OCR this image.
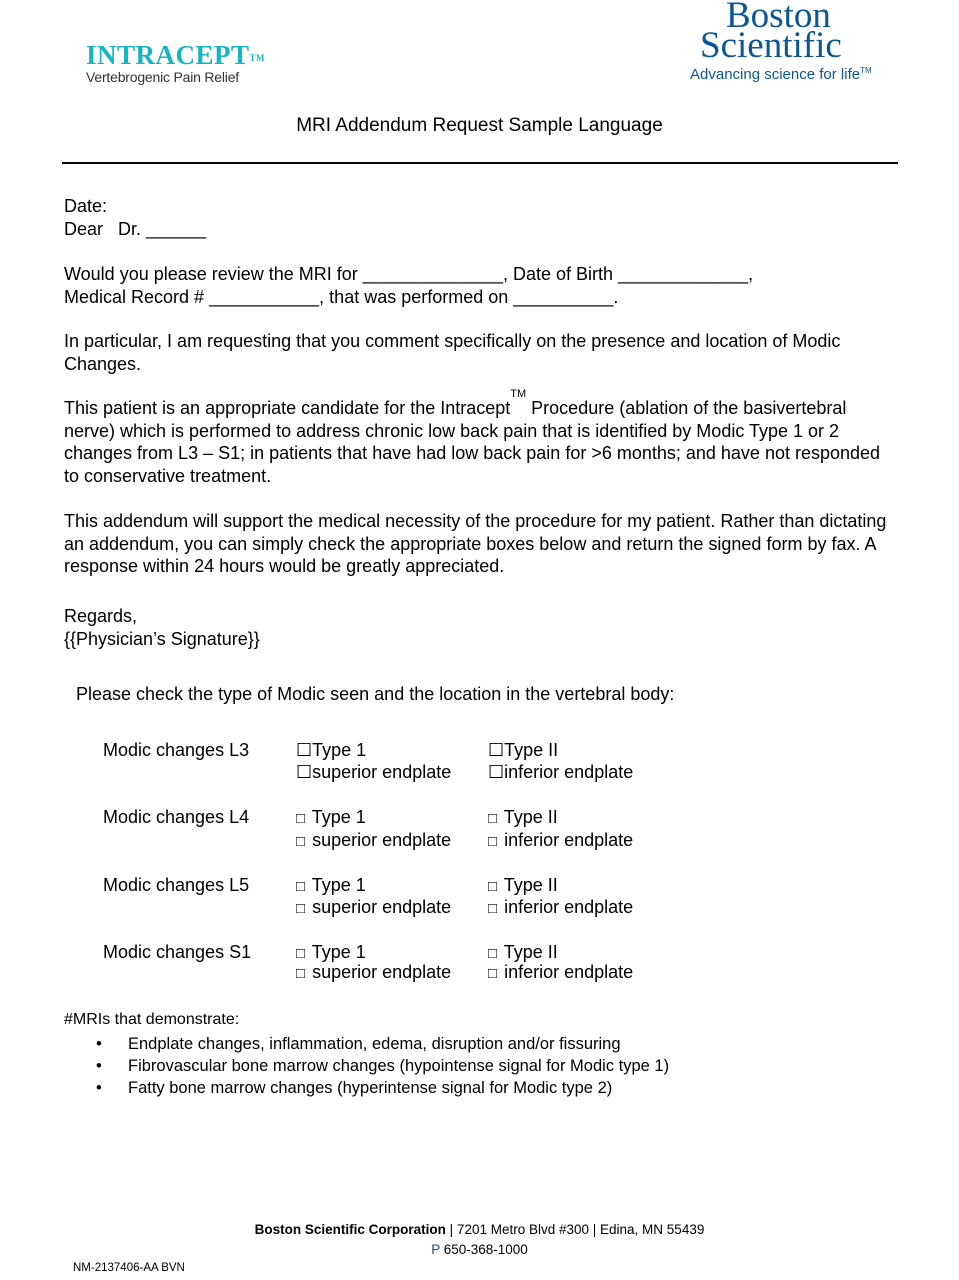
INTRACEPT™
Vertebrogenic Pain Relief
Boston
Scientific
Advancing science for life™
MRI Addendum Request Sample Language
Date:
Dear   Dr. ______
Would you please review the MRI for ______________, Date of Birth _____________,
Medical Record # ___________, that was performed on __________.
In particular, I am requesting that you comment specifically on the presence and location of Modic Changes.
This patient is an appropriate candidate for the Intracept™ Procedure (ablation of the basivertebral nerve) which is performed to address chronic low back pain that is identified by Modic Type 1 or 2 changes from L3 – S1; in patients that have had low back pain for >6 months; and have not responded to conservative treatment.
This addendum will support the medical necessity of the procedure for my patient. Rather than dictating an addendum, you can simply check the appropriate boxes below and return the signed form by fax. A response within 24 hours would be greatly appreciated.
Regards,
{{Physician’s Signature}}
Please check the type of Modic seen and the location in the vertebral body:
Modic changes L3	☐Type 1	☐Type II
☐superior endplate ☐inferior endplate
Modic changes L4	□ Type 1	□ Type II
□ superior endplate □ inferior endplate
Modic changes L5	□ Type 1	□ Type II
□ superior endplate □ inferior endplate
Modic changes S1	□ Type 1	□ Type II
□ superior endplate □ inferior endplate
#MRIs that demonstrate:
• Endplate changes, inflammation, edema, disruption and/or fissuring
• Fibrovascular bone marrow changes (hypointense signal for Modic type 1)
• Fatty bone marrow changes (hyperintense signal for Modic type 2)
Boston Scientific Corporation | 7201 Metro Blvd #300 | Edina, MN 55439
P 650-368-1000
NM-2137406-AA BVN
